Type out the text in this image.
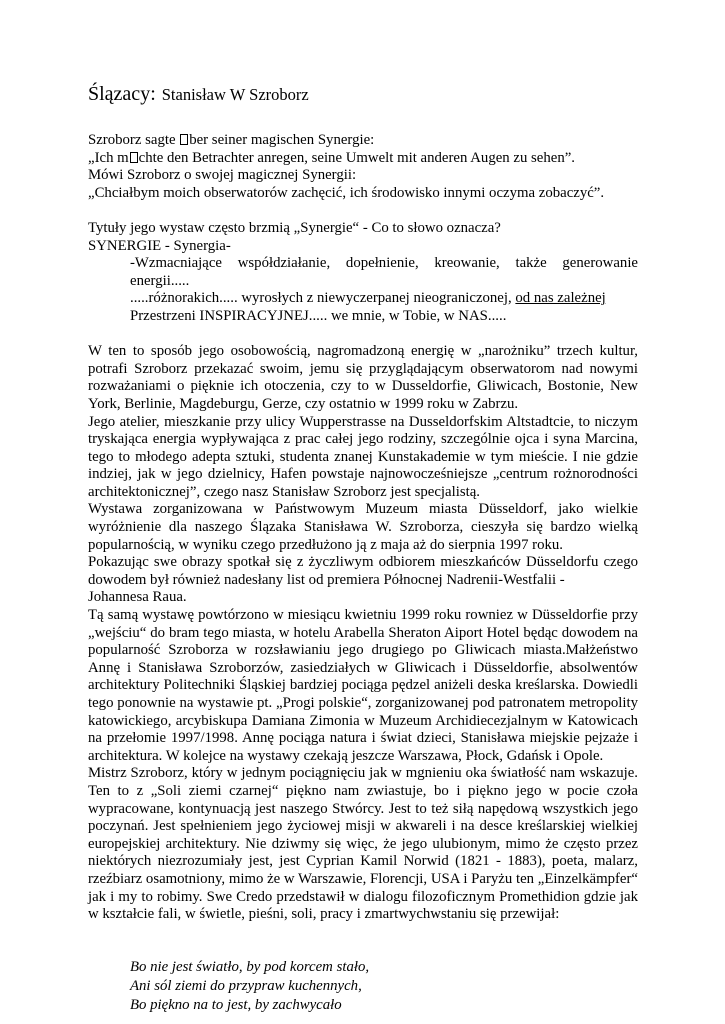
Ślązacy: Stanisław W Szroborz
Szroborz sagte ber seiner magischen Synergie:
„Ich m chte den Betrachter anregen, seine Umwelt mit anderen Augen zu sehen”.
Mówi Szroborz o swojej magicznej Synergii:
„Chciałbym moich obserwatorów zachęcić, ich środowisko innymi oczyma zobaczyć”.
Tytuły jego wystaw często brzmią „Synergie“ - Co to słowo oznacza?
SYNERGIE - Synergia-
-Wzmacniające współdziałanie, dopełnienie, kreowanie, także generowanie energii.....
.....różnorakich..... wyrosłych z niewyczerpanej nieograniczonej, od nas zależnej
Przestrzeni INSPIRACYJNEJ..... we mnie, w Tobie, w NAS.....

W ten to sposób jego osobowością, nagromadzoną energię w „narożniku” trzech kultur, potrafi Szroborz przekazać swoim, jemu się przyglądającym obserwatorom nad nowymi rozważaniami o pięknie ich otoczenia, czy to w Dusseldorfie, Gliwicach, Bostonie, New York, Berlinie, Magdeburgu, Gerze, czy ostatnio w 1999 roku w Zabrzu.

Jego atelier, mieszkanie przy ulicy Wupperstrasse na Dusseldorfskim Altstadtcie, to niczym tryskająca energia wypływająca z prac całej jego rodziny, szczególnie ojca i syna Marcina, tego to młodego adepta sztuki, studenta znanej Kunstakademie w tym mieście. I nie gdzie indziej, jak w jego dzielnicy, Hafen powstaje najnowocześniejsze „centrum rożnorodności architektonicznej”, czego nasz Stanisław Szroborz jest specjalistą.

Wystawa zorganizowana w Państwowym Muzeum miasta Düsseldorf, jako wielkie wyróżnienie dla naszego Ślązaka Stanisława W. Szroborza, cieszyła się bardzo wielką popularnością, w wyniku czego przedłużono ją z maja aż do sierpnia 1997 roku.

Pokazując swe obrazy spotkał się z życzliwym odbiorem mieszkańców Düsseldorfu czego dowodem był również nadesłany list od premiera Północnej Nadrenii-Westfalii -
Johannesa Raua.

Tą samą wystawę powtórzono w miesiącu kwietniu 1999 roku rowniez w Düsseldorfie przy „wejściu“ do bram tego miasta, w hotelu Arabella Sheraton Aiport Hotel będąc dowodem na popularność Szroborza w rozsławianiu jego drugiego po Gliwicach miasta.Małżeństwo Annę i Stanisława Szroborzów, zasiedziałych w Gliwicach i Düsseldorfie, absolwentów architektury Politechniki Śląskiej bardziej pociąga pędzel aniżeli deska kreślarska. Dowiedli tego ponownie na wystawie pt. „Progi polskie“, zorganizowanej pod patronatem metropolity katowickiego, arcybiskupa Damiana Zimonia w Muzeum Archidiecezjalnym w Katowicach na przełomie 1997/1998. Annę pociąga natura i świat dzieci, Stanisława miejskie pejzaże i architektura. W kolejce na wystawy czekają jeszcze Warszawa, Płock, Gdańsk i Opole.

Mistrz Szroborz, który w jednym pociągnięciu jak w mgnieniu oka światłość nam wskazuje. Ten to z „Soli ziemi czarnej“ piękno nam zwiastuje, bo i piękno jego w pocie czoła wypracowane, kontynuacją jest naszego Stwórcy. Jest to też siłą napędową wszystkich jego poczynań. Jest spełnieniem jego życiowej misji w akwareli i na desce kreślarskiej wielkiej europejskiej architektury. Nie dziwmy się więc, że jego ulubionym, mimo że często przez niektórych niezrozumiały jest, jest Cyprian Kamil Norwid (1821 - 1883), poeta, malarz, rzeźbiarz osamotniony, mimo że w Warszawie, Florencji, USA i Paryżu ten „Einzelkämpfer“ jak i my to robimy. Swe Credo przedstawił w dialogu filozoficznym Promethidion gdzie jak w kształcie fali, w świetle, pieśni, soli, pracy i zmartwychwstaniu się przewijał:

Bo nie jest światło, by pod korcem stało,
Ani sól ziemi do przypraw kuchennych,
Bo piękno na to jest, by zachwycało
